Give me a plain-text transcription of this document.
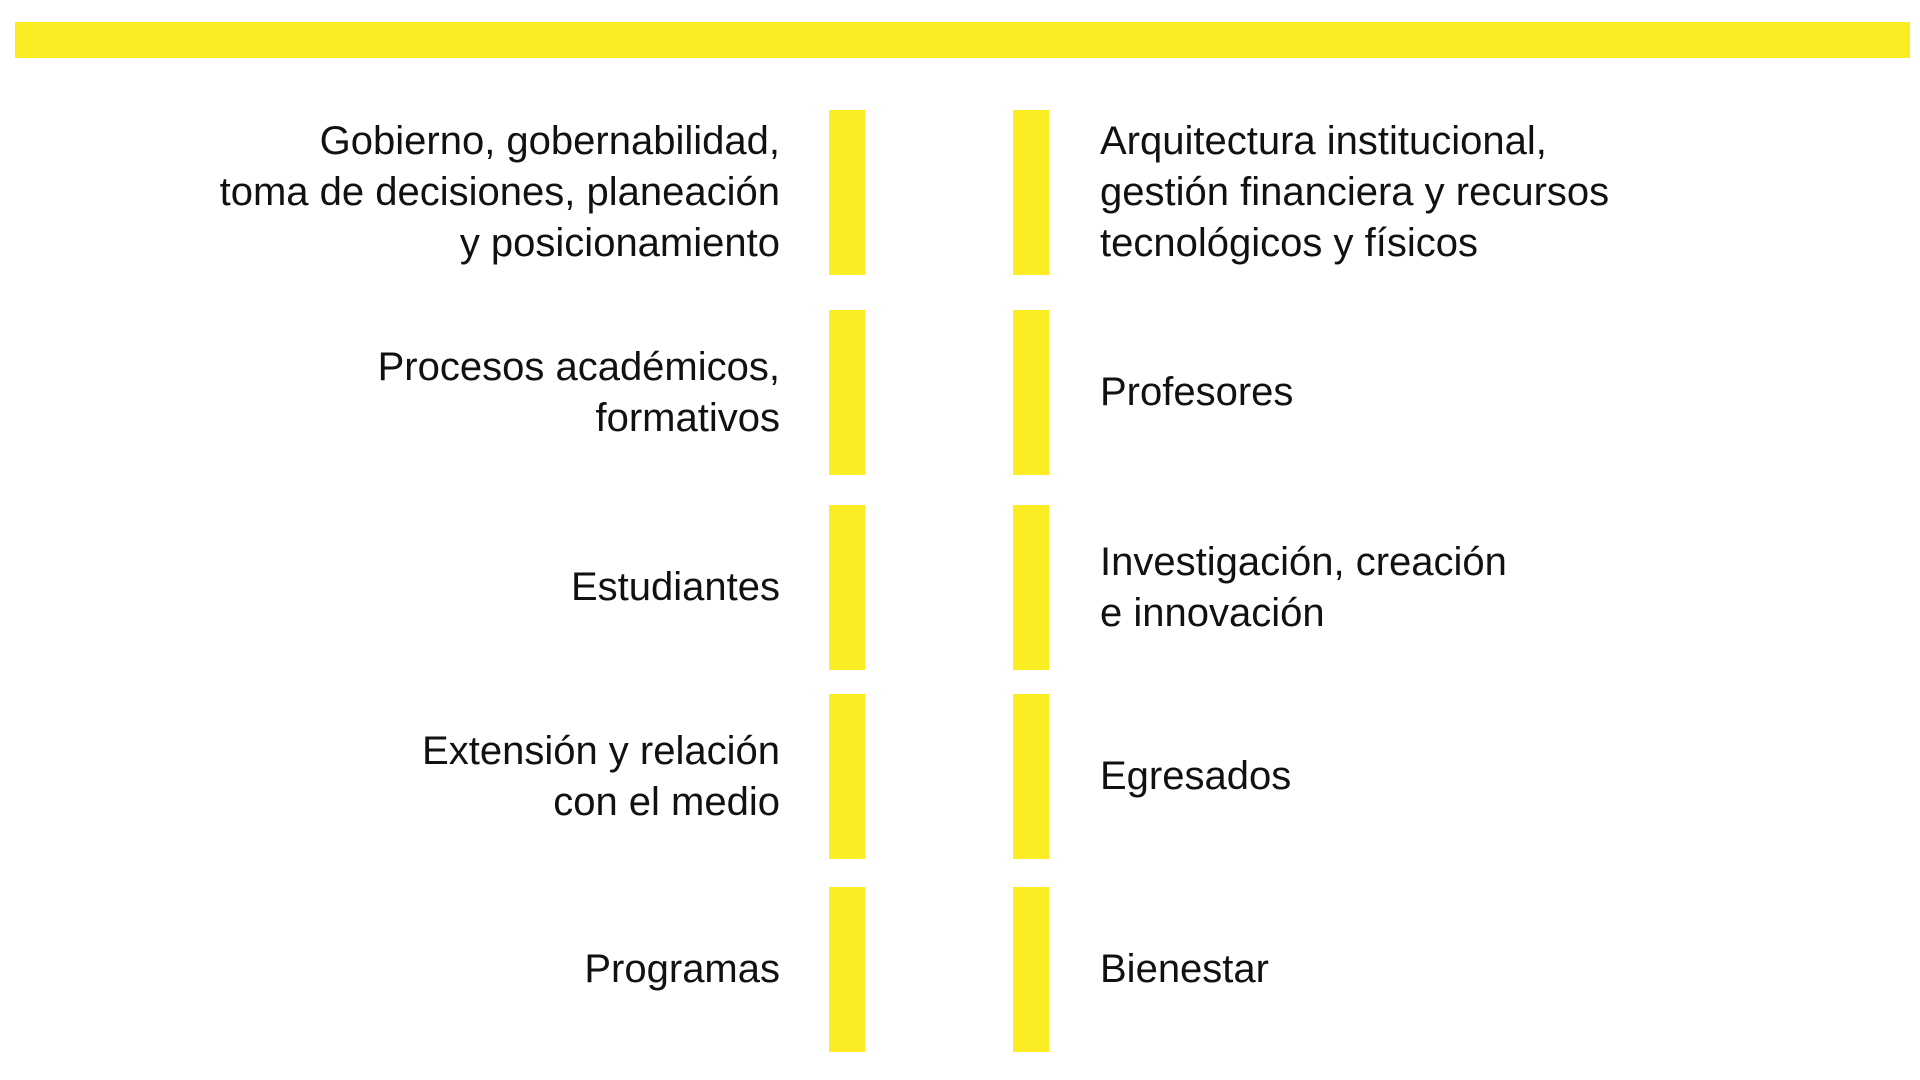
Gobierno, gobernabilidad,
toma de decisiones, planeación
y posicionamiento
Arquitectura institucional,
gestión financiera y recursos
tecnológicos y físicos
Procesos académicos,
formativos
Profesores
Estudiantes
Investigación, creación
e innovación
Extensión y relación
con el medio
Egresados
Programas	Bienestar
